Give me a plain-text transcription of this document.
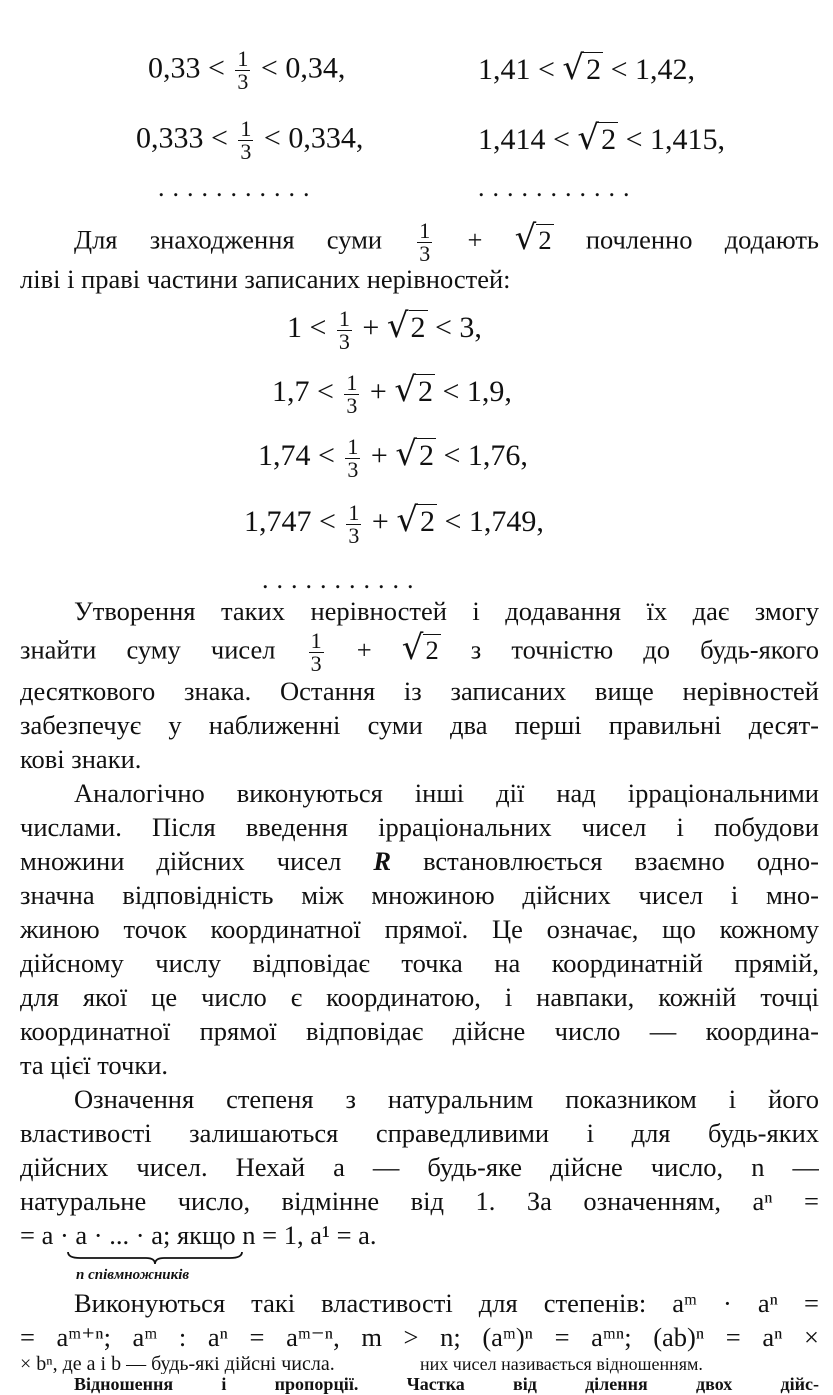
$0,33 < \frac{1}{3} < 0,34$,	1,41 < √2 < 1,42,
$0,333 < \frac{1}{3} < 0,334$,	1,414 < √2 < 1,415,
...........	...........
Для знаходження суми $\frac{1}{3} + √2$ почленно додають
ліві і праві частини записаних нерівностей:
$1 < \frac{1}{3} + √2 < 3$,
$1,7 < \frac{1}{3} + √2 < 1,9$,
$1,74 < \frac{1}{3} + √2 < 1,76$,
$1,747 < \frac{1}{3} + √2 < 1,749$,
...........
Утворення таких нерівностей і додавання їх дає змогу
знайти суму чисел $\frac{1}{3} + √2$ з точністю до будь-якого
десяткового знака. Остання із записаних вище нерівностей
забезпечує у наближенні суми два перші правильні десят-
кові знаки.
Аналогічно виконуються інші дії над ірраціональними
числами. Після введення ірраціональних чисел і побудови
множини дійсних чисел R встановлюється взаємно одно-
значна відповідність між множиною дійсних чисел і мно-
жиною точок координатної прямої. Це означає, що кожному
дійсному числу відповідає точка на координатній прямій,
для якої це число є координатою, і навпаки, кожній точці
координатної прямої відповідає дійсне число — координа-
та цієї точки.
Означення степеня з натуральним показником і його
властивості залишаються справедливими і для будь-яких
дійсних чисел. Нехай a — будь-яке дійсне число, n —
натуральне число, відмінне від 1. За означенням, aⁿ =
= a · a · ... · a; якщо n = 1, a¹ = a.
n співмножників
Виконуються такі властивості для степенів: aᵐ · aⁿ =
= aᵐ⁺ⁿ; aᵐ : aⁿ = aᵐ⁻ⁿ, m > n; (aᵐ)ⁿ = aᵐⁿ; (ab)ⁿ = aⁿ ×
× bⁿ, де a і b — будь-які дійсні числа.
Відношення і пропорції. Частка від ділення двох дійс-
них чисел називається відношенням.
